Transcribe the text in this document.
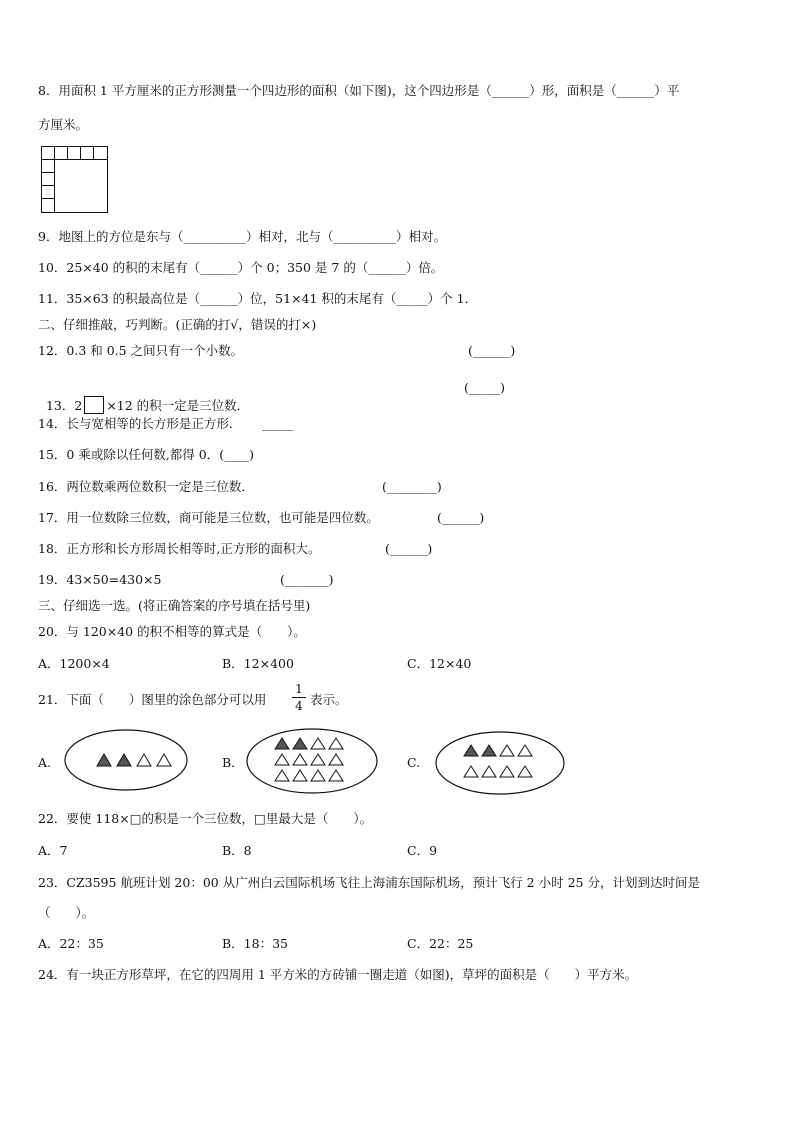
8．用面积 1 平方厘米的正方形测量一个四边形的面积（如下图)，这个四边形是（______）形，面积是（______）平
方厘米。
9．地图上的方位是东与（__________）相对，北与（__________）相对。
10．25×40 的积的末尾有（______）个 0；350 是 7 的（______）倍。
11．35×63 的积最高位是（______）位，51×41 积的末尾有（_____）个 1．
二、仔细推敲，巧判断。(正确的打√，错误的打×)
12．0.3 和 0.5 之间只有一个小数。	(______)

13．2 ×12 的积一定是三位数．

(_____)
14．长与宽相等的长方形是正方形． _____
15．0 乘或除以任何数,都得 0．(____)
16．两位数乘两位数积一定是三位数．	(________)
17．用一位数除三位数，商可能是三位数，也可能是四位数。	(______)
18．正方形和长方形周长相等时,正方形的面积大。	(______)
19．43×50=430×5	(_______)
三、仔细选一选。(将正确答案的序号填在括号里)
20．与 120×40 的积不相等的算式是（　　）。
A．1200×4	B．12×400	C．12×40
21．下面（　　）图里的涂色部分可以用
1
4 表示。
A.	B．	C.
22．要使 118×□的积是一个三位数，□里最大是（　　）。
A．7	B．8	C．9
23．CZ3595 航班计划 20：00 从广州白云国际机场飞往上海浦东国际机场，预计飞行 2 小时 25 分，计划到达时间是
（　　）。
A．22：35	B．18：35	C．22：25
24．有一块正方形草坪，在它的四周用 1 平方米的方砖铺一圈走道（如图)，草坪的面积是（　　）平方米。
